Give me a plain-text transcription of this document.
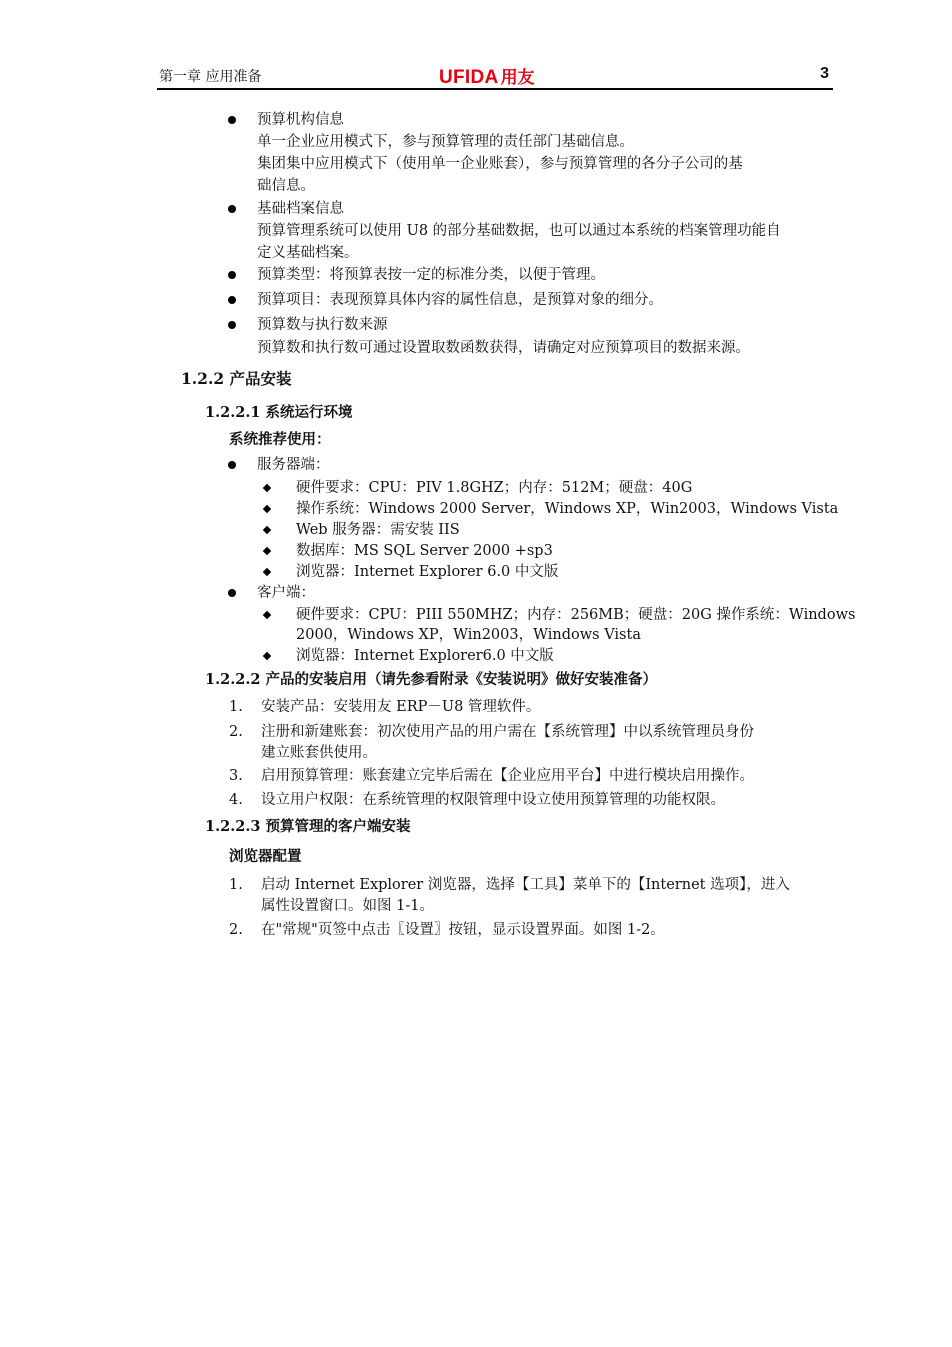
第一章 应用准备	UFIDA 用友	3
预算机构信息
单一企业应用模式下，参与预算管理的责任部门基础信息。
集团集中应用模式下（使用单一企业账套），参与预算管理的各分子公司的基
础信息。
基础档案信息
预算管理系统可以使用 U8 的部分基础数据，也可以通过本系统的档案管理功能自
定义基础档案。
预算类型：将预算表按一定的标准分类，以便于管理。
预算项目：表现预算具体内容的属性信息，是预算对象的细分。
预算数与执行数来源
预算数和执行数可通过设置取数函数获得，请确定对应预算项目的数据来源。
1.2.2 产品安装
1.2.2.1 系统运行环境
系统推荐使用：
服务器端：
硬件要求：CPU：PIV 1.8GHZ；内存：512M；硬盘：40G
操作系统：Windows 2000 Server，Windows XP，Win2003，Windows Vista
Web 服务器：需安装 IIS
数据库：MS SQL Server 2000 +sp3
浏览器：Internet Explorer 6.0 中文版
客户端：
硬件要求：CPU：PIII 550MHZ；内存：256MB；硬盘：20G 操作系统：Windows
2000，Windows XP，Win2003，Windows Vista
浏览器：Internet Explorer6.0 中文版
1.2.2.2 产品的安装启用（请先参看附录《安装说明》做好安装准备）
1. 安装产品：安装用友 ERP－U8 管理软件。
2. 注册和新建账套：初次使用产品的用户需在【系统管理】中以系统管理员身份
建立账套供使用。
3. 启用预算管理：账套建立完毕后需在【企业应用平台】中进行模块启用操作。
4. 设立用户权限：在系统管理的权限管理中设立使用预算管理的功能权限。
1.2.2.3 预算管理的客户端安装
浏览器配置
1. 启动 Internet Explorer 浏览器，选择【工具】菜单下的【Internet 选项】，进入
属性设置窗口。如图 1-1。
2. 在"常规"页签中点击〖设置〗按钮，显示设置界面。如图 1-2。
